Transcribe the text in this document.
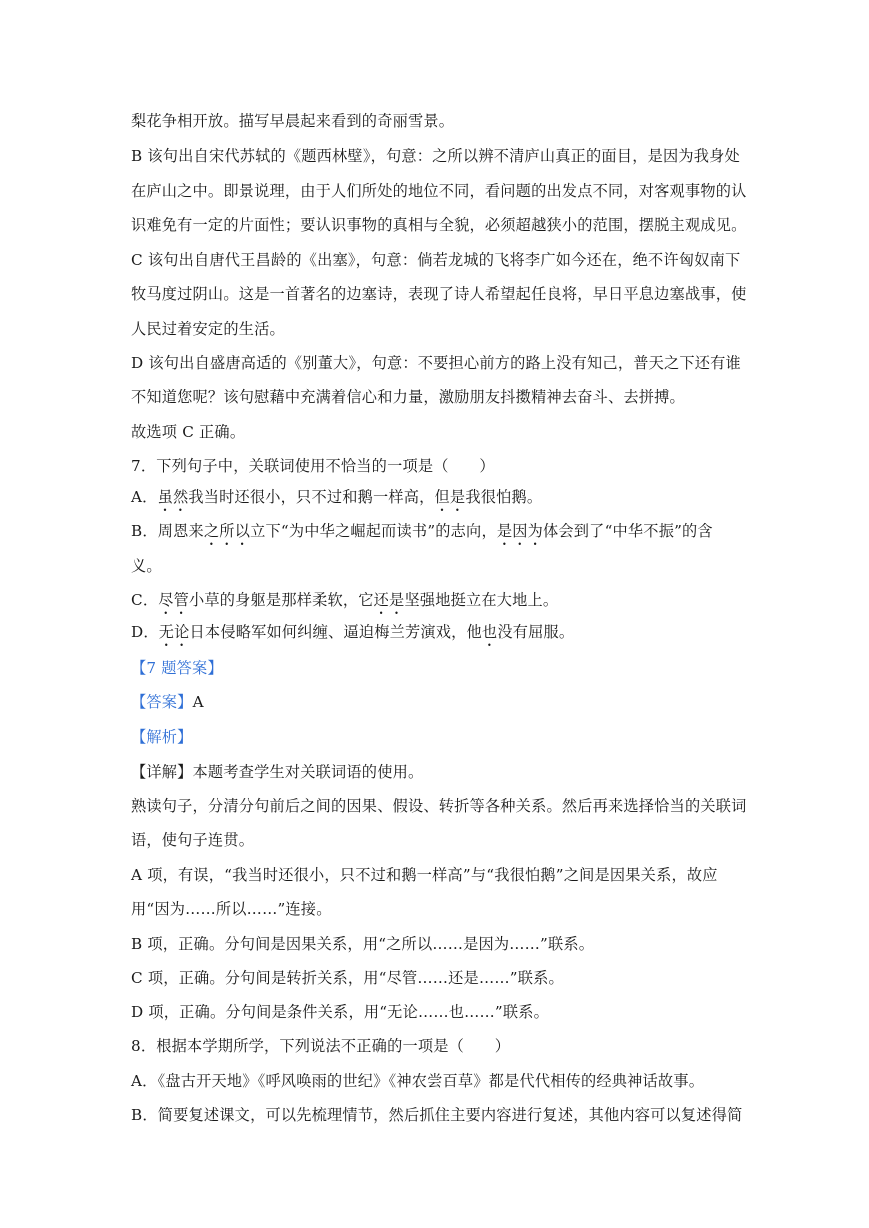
梨花争相开放。描写早晨起来看到的奇丽雪景。
B 该句出自宋代苏轼的《题西林壁》，句意：之所以辨不清庐山真正的面目，是因为我身处
在庐山之中。即景说理，由于人们所处的地位不同，看问题的出发点不同，对客观事物的认
识难免有一定的片面性；要认识事物的真相与全貌，必须超越狭小的范围，摆脱主观成见。
C 该句出自唐代王昌龄的《出塞》，句意：倘若龙城的飞将李广如今还在，绝不许匈奴南下
牧马度过阴山。这是一首著名的边塞诗，表现了诗人希望起任良将，早日平息边塞战事，使
人民过着安定的生活。
D 该句出自盛唐高适的《别董大》，句意：不要担心前方的路上没有知己，普天之下还有谁
不知道您呢？该句慰藉中充满着信心和力量，激励朋友抖擞精神去奋斗、去拼搏。
故选项 C 正确。
7．下列句子中，关联词使用不恰当的一项是（　　）
A．虽然我当时还很小，只不过和鹅一样高，但是我很怕鹅。
B．周恩来之所以立下“为中华之崛起而读书”的志向，是因为体会到了“中华不振”的含
义。
C．尽管小草的身躯是那样柔软，它还是坚强地挺立在大地上。
D．无论日本侵略军如何纠缠、逼迫梅兰芳演戏，他也没有屈服。
【7 题答案】
【答案】A
【解析】
【详解】本题考查学生对关联词语的使用。
熟读句子，分清分句前后之间的因果、假设、转折等各种关系。然后再来选择恰当的关联词
语，使句子连贯。
A 项，有误，“我当时还很小，只不过和鹅一样高”与“我很怕鹅”之间是因果关系，故应
用“因为……所以……”连接。
B 项，正确。分句间是因果关系，用“之所以……是因为……”联系。
C 项，正确。分句间是转折关系，用“尽管……还是……”联系。
D 项，正确。分句间是条件关系，用“无论……也……”联系。
8．根据本学期所学，下列说法不正确的一项是（　　）
A．《盘古开天地》《呼风唤雨的世纪》《神农尝百草》都是代代相传的经典神话故事。
B．简要复述课文，可以先梳理情节，然后抓住主要内容进行复述，其他内容可以复述得简
